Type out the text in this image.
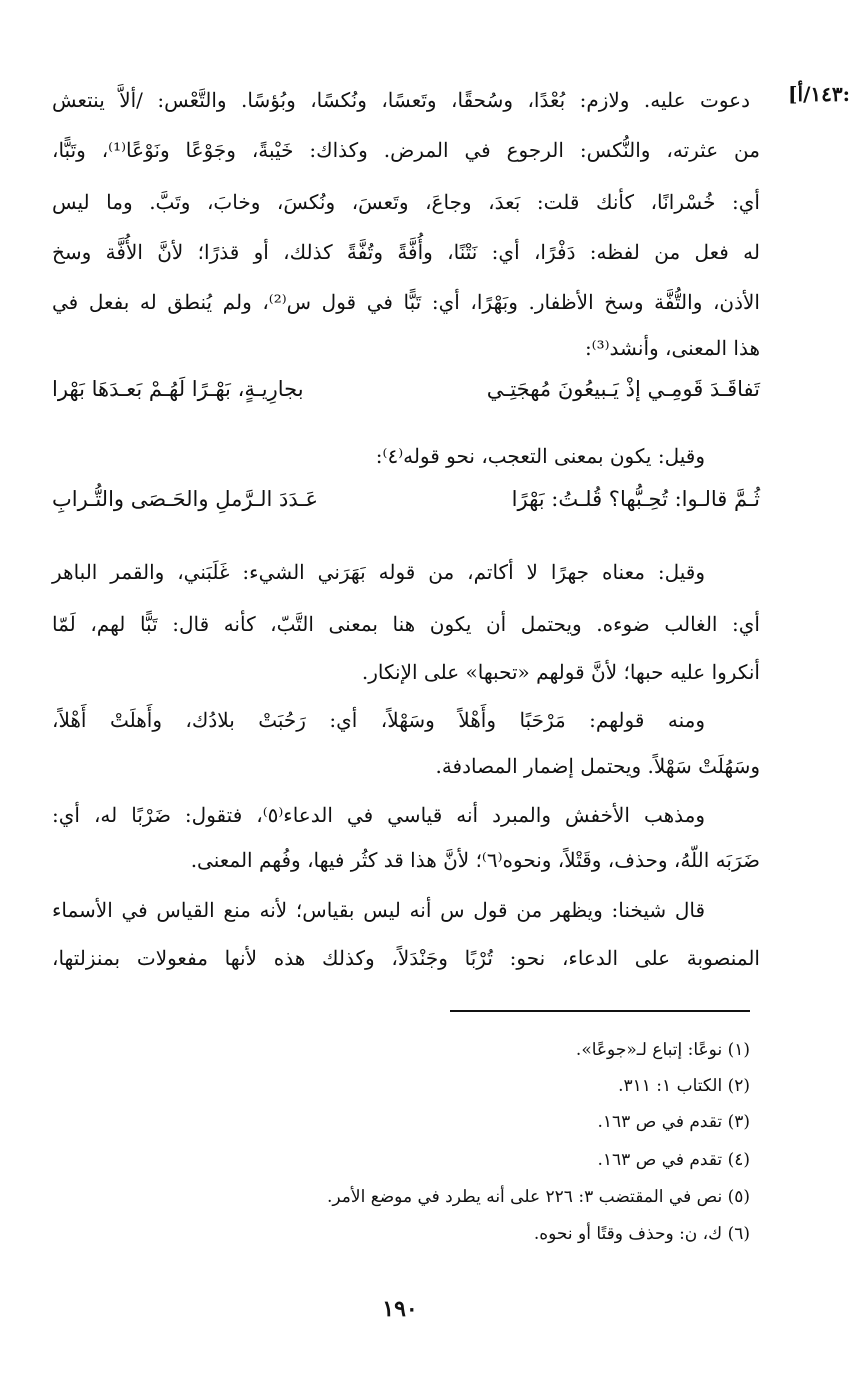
:١٤٣/أ]
دعوت عليه. ولازم: بُعْدًا، وسُحقًا، وتَعسًا، ونُكسًا، وبُؤسًا. والتَّعْس: /ألاَّ ينتعش
من عثرته، والنُّكس: الرجوع في المرض. وكذاك: خَيْبةً، وجَوْعًا ونَوْعًا⁽¹⁾، وتَبًّا،
أي: خُسْرانًا، كأنك قلت: بَعدَ، وجاعَ، وتَعسَ، ونُكسَ، وخابَ، وتَبَّ. وما ليس
له فعل من لفظه: دَفْرًا، أي: نَتْنًا، وأُفَّةً وتُفَّةً كذلك، أو قذرًا؛ لأنَّ الأُفَّة وسخ
الأذن، والتُّفَّة وسخ الأظفار. وبَهْرًا، أي: تَبًّا في قول س⁽²⁾، ولم يُنطق له بفعل في
هذا المعنى، وأنشد⁽³⁾:
تَفاقَـدَ قَومِـي إذْ يَـبيعُونَ مُهجَتِـي
بجارِيـةٍ، بَهْـرًا لَهُـمْ بَعـدَهَا بَهْرا
وقيل: يكون بمعنى التعجب، نحو قوله⁽٤⁾:
ثُـمَّ قالـوا: تُحِـبُّها؟ قُلـتُ: بَهْرًا
عَـدَدَ الـرَّملِ والحَـصَى والتُّـرابِ
وقيل: معناه جهرًا لا أكاتم، من قوله بَهَرَني الشيء: غَلَبَني، والقمر الباهر
أي: الغالب ضوءه. ويحتمل أن يكون هنا بمعنى التَّبّ، كأنه قال: تَبًّا لهم، لَمّا
أنكروا عليه حبها؛ لأنَّ قولهم «تحبها» على الإنكار.
ومنه قولهم: مَرْحَبًا وأَهْلاً وسَهْلاً، أي: رَحُبَتْ بلادُك، وأَهلَتْ أَهْلاً،
وسَهُلَتْ سَهْلاً. ويحتمل إضمار المصادفة.
ومذهب الأخفش والمبرد أنه قياسي في الدعاء⁽٥⁾، فتقول: ضَرْبًا له، أي:
ضَرَبَه اللّهُ، وحذف، وقَتْلاً، ونحوه⁽٦⁾؛ لأنَّ هذا قد كثُر فيها، وفُهم المعنى.
قال شيخنا: ويظهر من قول س أنه ليس بقياس؛ لأنه منع القياس في الأسماء
المنصوبة على الدعاء، نحو: تُرْبًا وجَنْدَلاً، وكذلك هذه لأنها مفعولات بمنزلتها،
(١) نوعًا: إتباع لـ«جوعًا».
(٢) الكتاب ١: ٣١١.
(٣) تقدم في ص ١٦٣.
(٤) تقدم في ص ١٦٣.
(٥) نص في المقتضب ٣: ٢٢٦ على أنه يطرد في موضع الأمر.
(٦) ك، ن: وحذف وقتًا أو نحوه.
١٩٠
